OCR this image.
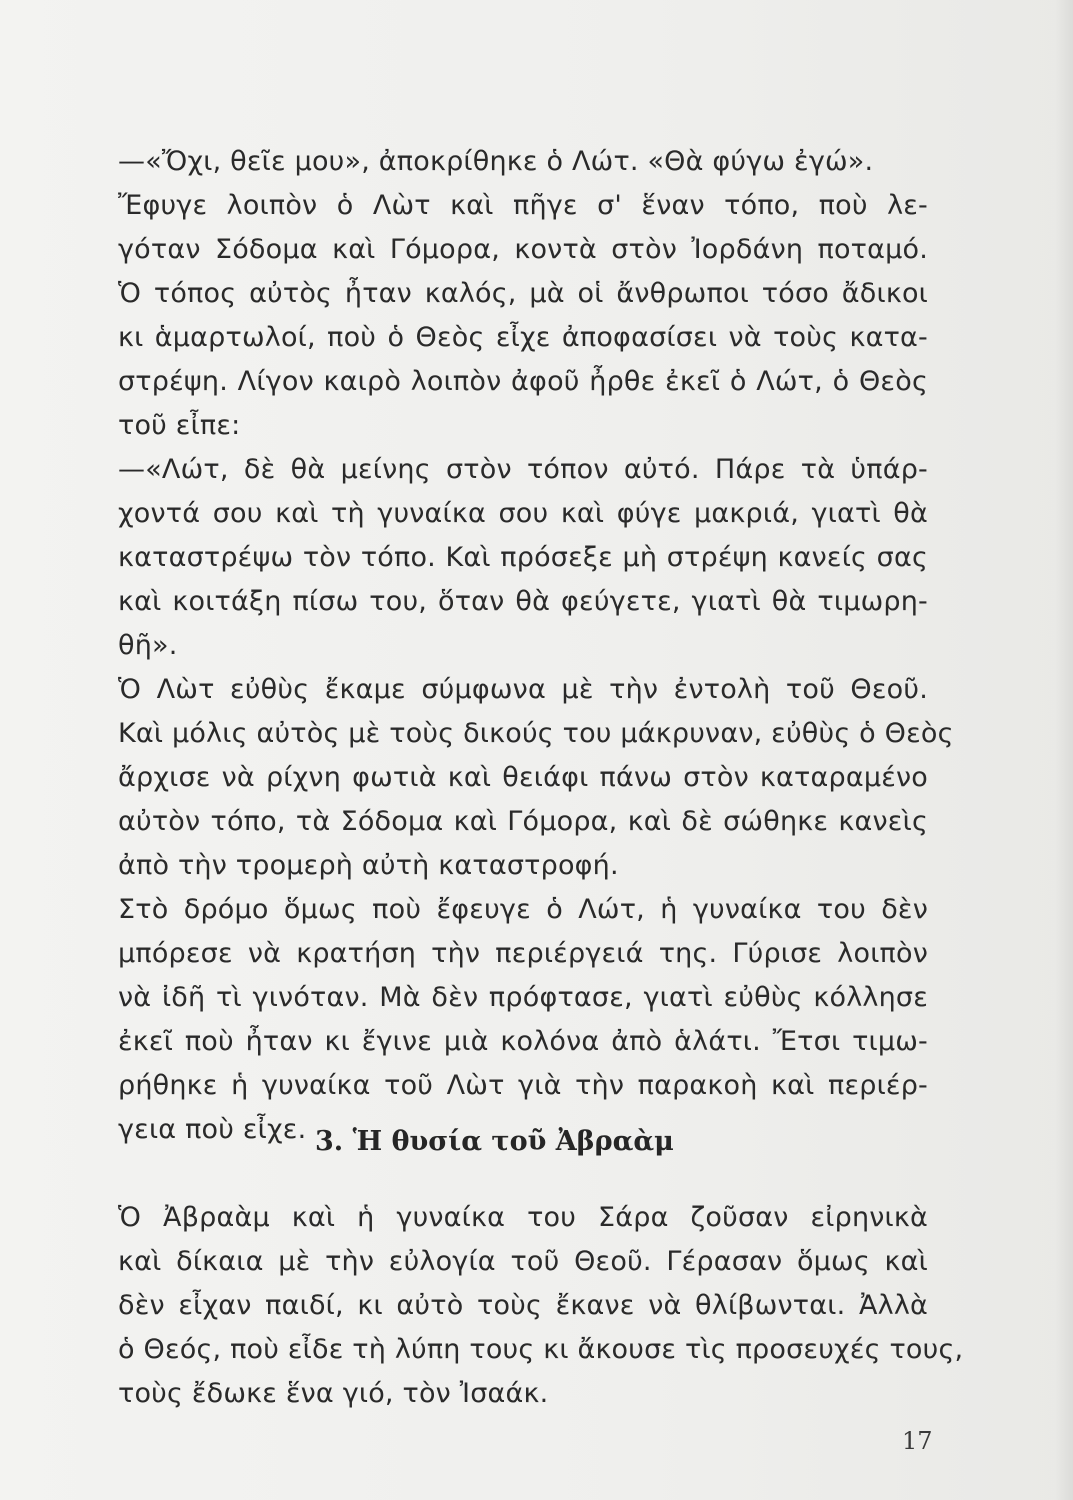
—«Ὄχι, θεῖε μου», ἀποκρίθηκε ὁ Λώτ. «Θὰ φύγω ἐγώ».
Ἔφυγε λοιπὸν ὁ Λὼτ καὶ πῆγε σ' ἕναν τόπο, ποὺ λε-
γόταν Σόδομα καὶ Γόμορα, κοντὰ στὸν Ἰορδάνη ποταμό.
Ὁ τόπος αὐτὸς ἦταν καλός, μὰ οἱ ἄνθρωποι τόσο ἄδικοι
κι ἁμαρτωλοί, ποὺ ὁ Θεὸς εἶχε ἀποφασίσει νὰ τοὺς κατα-
στρέψη. Λίγον καιρὸ λοιπὸν ἀφοῦ ἦρθε ἐκεῖ ὁ Λώτ, ὁ Θεὸς
τοῦ εἶπε:
—«Λώτ, δὲ θὰ μείνης στὸν τόπον αὐτό. Πάρε τὰ ὑπάρ-
χοντά σου καὶ τὴ γυναίκα σου καὶ φύγε μακριά, γιατὶ θὰ
καταστρέψω τὸν τόπο. Καὶ πρόσεξε μὴ στρέψη κανείς σας
καὶ κοιτάξη πίσω του, ὅταν θὰ φεύγετε, γιατὶ θὰ τιμωρη-
θῆ».
Ὁ Λὼτ εὐθὺς ἔκαμε σύμφωνα μὲ τὴν ἐντολὴ τοῦ Θεοῦ.
Καὶ μόλις αὐτὸς μὲ τοὺς δικούς του μάκρυναν, εὐθὺς ὁ Θεὸς
ἄρχισε νὰ ρίχνη φωτιὰ καὶ θειάφι πάνω στὸν καταραμένο
αὐτὸν τόπο, τὰ Σόδομα καὶ Γόμορα, καὶ δὲ σώθηκε κανεὶς
ἀπὸ τὴν τρομερὴ αὐτὴ καταστροφή.
Στὸ δρόμο ὅμως ποὺ ἔφευγε ὁ Λώτ, ἡ γυναίκα του δὲν
μπόρεσε νὰ κρατήση τὴν περιέργειά της. Γύρισε λοιπὸν
νὰ ἰδῆ τὶ γινόταν. Μὰ δὲν πρόφτασε, γιατὶ εὐθὺς κόλλησε
ἐκεῖ ποὺ ἦταν κι ἔγινε μιὰ κολόνα ἀπὸ ἁλάτι. Ἔτσι τιμω-
ρήθηκε ἡ γυναίκα τοῦ Λὼτ γιὰ τὴν παρακοὴ καὶ περιέρ-
γεια ποὺ εἶχε. 3. Ἡ θυσία τοῦ Ἀβραὰμ
Ὁ Ἀβραὰμ καὶ ἡ γυναίκα του Σάρα ζοῦσαν εἰρηνικὰ
καὶ δίκαια μὲ τὴν εὐλογία τοῦ Θεοῦ. Γέρασαν ὅμως καὶ
δὲν εἶχαν παιδί, κι αὐτὸ τοὺς ἔκανε νὰ θλίβωνται. Ἀλλὰ
ὁ Θεός, ποὺ εἶδε τὴ λύπη τους κι ἄκουσε τὶς προσευχές τους,
τοὺς ἔδωκε ἕνα γιό, τὸν Ἰσαάκ.
17
